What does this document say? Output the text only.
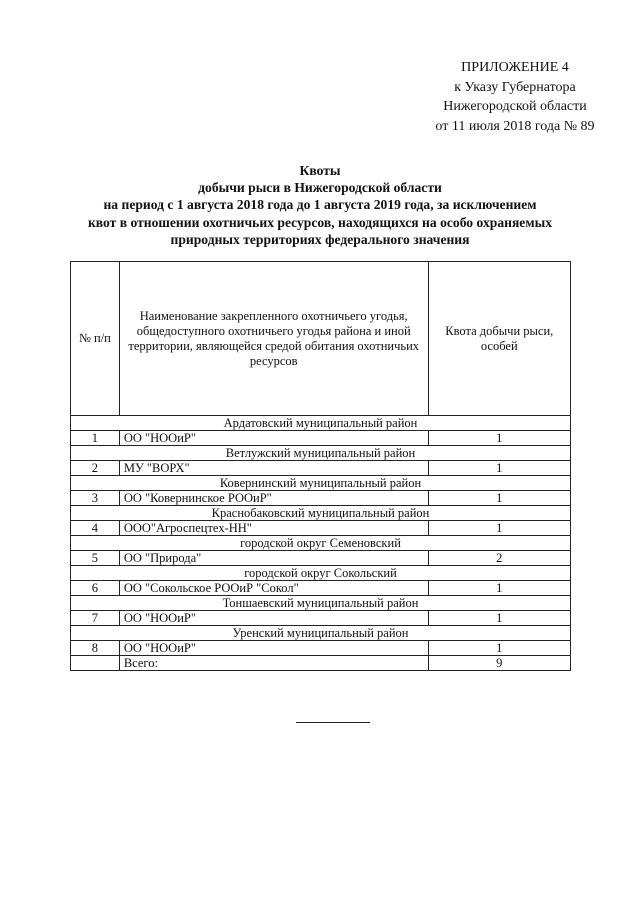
ПРИЛОЖЕНИЕ 4
к Указу Губернатора
Нижегородской области
от 11 июля 2018 года № 89
Квоты
добычи рыси в Нижегородской области
на период с 1 августа 2018 года до 1 августа 2019 года, за исключением
квот в отношении охотничьих ресурсов, находящихся на особо охраняемых
природных территориях федерального значения
№ п/п	Наименование закрепленного охотничьего угодья, общедоступного охотничьего угодья района и иной территории, являющейся средой обитания охотничьих ресурсов	Квота добычи рыси, особей
Ардатовский муниципальный район		
1	ОО "НООиР"	1
Ветлужский муниципальный район		
2	МУ "ВОРХ"	1
Ковернинский муниципальный район		
3	ОО "Ковернинское РООиР"	1
Краснобаковский муниципальный район		
4	ООО"Агроспецтех-НН"	1
городской округ Семеновский		
5	ОО "Природа"	2
городской округ Сокольский		
6	ОО "Сокольское РООиР "Сокол"	1
Тоншаевский муниципальный район		
7	ОО "НООиР"	1
Уренский муниципальный район		
8	ОО "НООиР"	1
	Всего:	9
